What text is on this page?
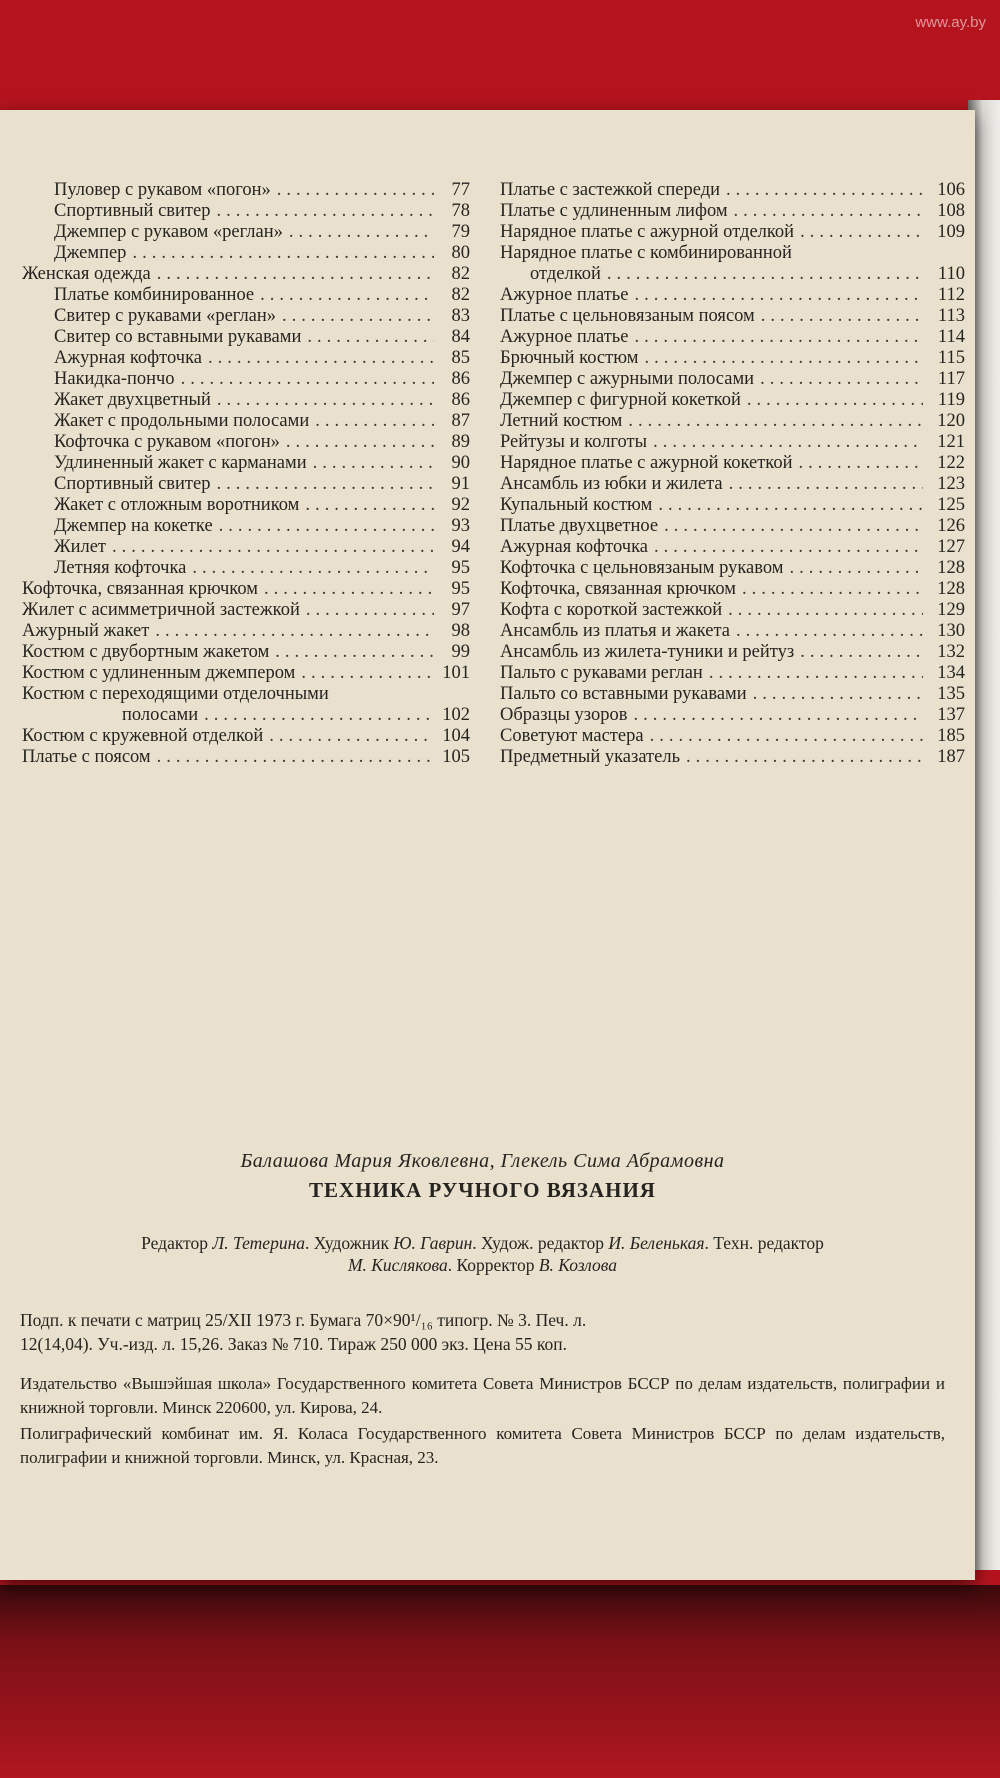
Пуловер с рукавом «погон» .....	77
Спортивный свитер .....	78
Джемпер с рукавом «реглан» .....	79
Джемпер .....	80
Женская одежда .....	82
Платье комбинированное .....	82
Свитер с рукавами «реглан» .....	83
Свитер со вставными рукавами .....	84
Ажурная кофточка .....	85
Накидка-пончо .....	86
Жакет двухцветный .....	86
Жакет с продольными полосами .....	87
Кофточка с рукавом «погон» .....	89
Удлиненный жакет с карманами .....	90
Спортивный свитер .....	91
Жакет с отложным воротником .....	92
Джемпер на кокетке .....	93
Жилет .....	94
Летняя кофточка .....	95
Кофточка, связанная крючком .....	95
Жилет с асимметричной застежкой .....	97
Ажурный жакет .....	98
Костюм с двубортным жакетом .....	99
Костюм с удлиненным джемпером .....	101
Костюм с переходящими отделочными
полосами .....	102
Костюм с кружевной отделкой .....	104
Платье с поясом .....	105
Платье с застежкой спереди .....	106
Платье с удлиненным лифом .....	108
Нарядное платье с ажурной отделкой .....	109
Нарядное платье с комбинированной
отделкой .....	110
Ажурное платье .....	112
Платье с цельновязаным поясом .....	113
Ажурное платье .....	114
Брючный костюм .....	115
Джемпер с ажурными полосами .....	117
Джемпер с фигурной кокеткой .....	119
Летний костюм .....	120
Рейтузы и колготы .....	121
Нарядное платье с ажурной кокеткой .....	122
Ансамбль из юбки и жилета .....	123
Купальный костюм .....	125
Платье двухцветное .....	126
Ажурная кофточка .....	127
Кофточка с цельновязаным рукавом .....	128
Кофточка, связанная крючком .....	128
Кофта с короткой застежкой .....	129
Ансамбль из платья и жакета .....	130
Ансамбль из жилета-туники и рейтуз .....	132
Пальто с рукавами реглан .....	134
Пальто со вставными рукавами .....	135
Образцы узоров .....	137
Советуют мастера .....	185
Предметный указатель .....	187
Балашова Мария Яковлевна, Глекель Сима Абрамовна
ТЕХНИКА РУЧНОГО ВЯЗАНИЯ
Редактор Л. Тетерина. Художник Ю. Гаврин. Худож. редактор И. Беленькая. Техн. редактор
М. Кислякова. Корректор В. Козлова
Подп. к печати с матриц 25/XII 1973 г. Бумага 70×90¹/₁₆ типогр. № 3. Печ. л.
12(14,04). Уч.-изд. л. 15,26. Заказ № 710. Тираж 250 000 экз. Цена 55 коп.
Издательство «Вышэйшая школа» Государственного комитета Совета Министров БССР по делам издательств, полиграфии и книжной торговли. Минск 220600, ул. Кирова, 24.
Полиграфический комбинат им. Я. Коласа Государственного комитета Совета Министров БССР по делам издательств, полиграфии и книжной торговли. Минск, ул. Красная, 23.
www.ay.by
